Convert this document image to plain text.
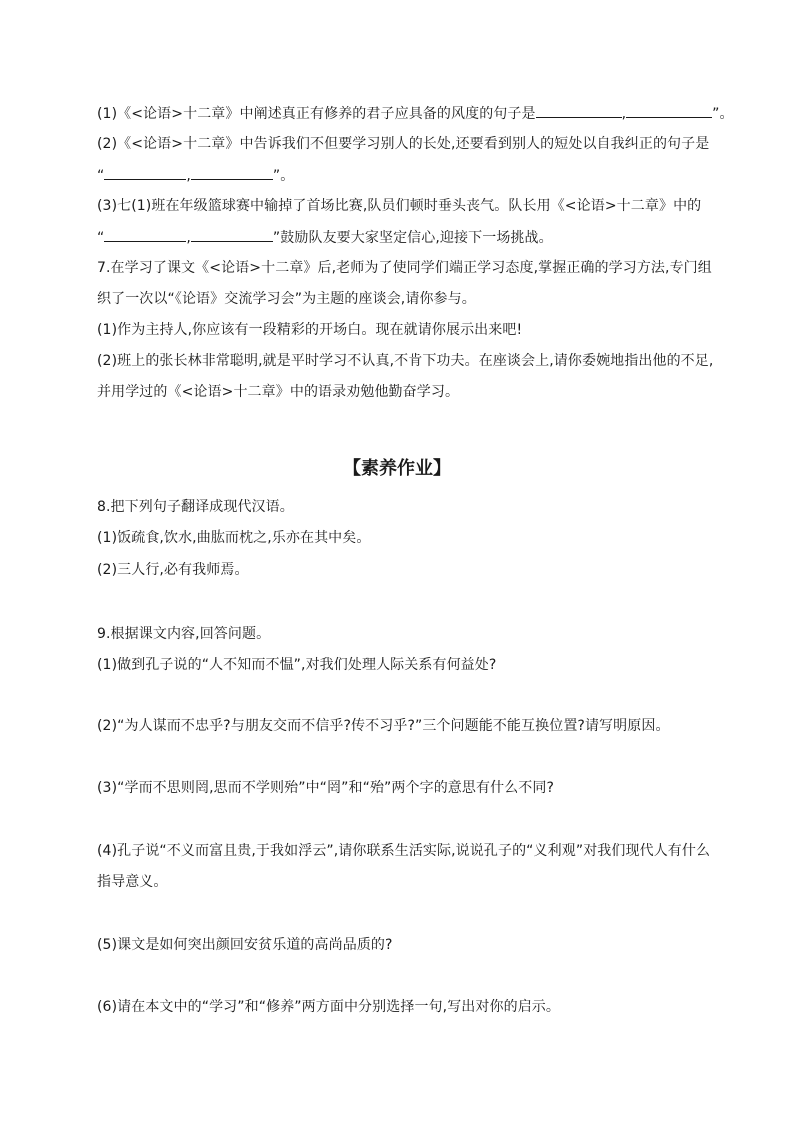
(1)《<论语>十二章》中阐述真正有修养的君子应具备的风度的句子是	,	”。
(2)《<论语>十二章》中告诉我们不但要学习别人的长处,还要看到别人的短处以自我纠正的句子是
“	,	”。
(3)七(1)班在年级篮球赛中输掉了首场比赛,队员们顿时垂头丧气。队长用《<论语>十二章》中的
“	,	”鼓励队友要大家坚定信心,迎接下一场挑战。
7.在学习了课文《<论语>十二章》后,老师为了使同学们端正学习态度,掌握正确的学习方法,专门组
织了一次以“《论语》交流学习会”为主题的座谈会,请你参与。
(1)作为主持人,你应该有一段精彩的开场白。现在就请你展示出来吧!
(2)班上的张长林非常聪明,就是平时学习不认真,不肯下功夫。在座谈会上,请你委婉地指出他的不足,
并用学过的《<论语>十二章》中的语录劝勉他勤奋学习。
【素养作业】
8.把下列句子翻译成现代汉语。
(1)饭疏食,饮水,曲肱而枕之,乐亦在其中矣。
(2)三人行,必有我师焉。
9.根据课文内容,回答问题。
(1)做到孔子说的“人不知而不愠”,对我们处理人际关系有何益处?
(2)“为人谋而不忠乎?与朋友交而不信乎?传不习乎?”三个问题能不能互换位置?请写明原因。
(3)“学而不思则罔,思而不学则殆”中“罔”和“殆”两个字的意思有什么不同?
(4)孔子说“不义而富且贵,于我如浮云”,请你联系生活实际,说说孔子的“义利观”对我们现代人有什么
指导意义。
(5)课文是如何突出颜回安贫乐道的高尚品质的?
(6)请在本文中的“学习”和“修养”两方面中分别选择一句,写出对你的启示。
